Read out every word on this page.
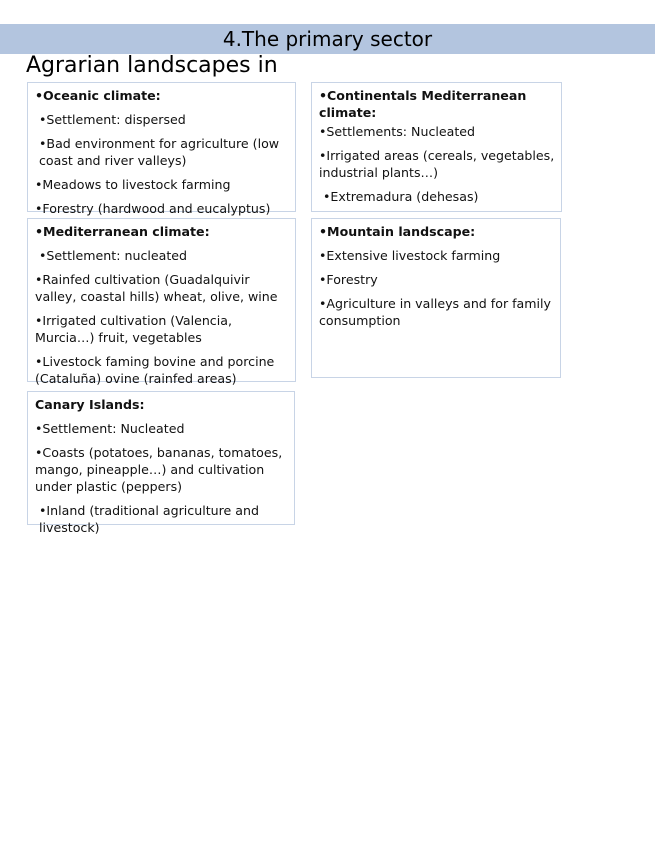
4.The primary sector
Agrarian landscapes in
•Oceanic climate:
•Settlement: dispersed
•Bad environment for agriculture (low coast and river valleys)
•Meadows to livestock farming
•Forestry (hardwood and eucalyptus)
•Continentals Mediterranean climate:
•Settlements: Nucleated
•Irrigated areas (cereals, vegetables, industrial plants…)
•Extremadura (dehesas)
•Mediterranean climate:
•Settlement: nucleated
•Rainfed cultivation (Guadalquivir valley, coastal hills) wheat, olive, wine
•Irrigated cultivation (Valencia, Murcia…) fruit, vegetables
•Livestock faming bovine and porcine (Cataluña) ovine (rainfed areas)
•Mountain landscape:
•Extensive livestock farming
•Forestry
•Agriculture in valleys and for family consumption
Canary Islands:
•Settlement: Nucleated
•Coasts (potatoes, bananas, tomatoes, mango, pineapple…) and cultivation under plastic (peppers)
•Inland (traditional agriculture and livestock)
